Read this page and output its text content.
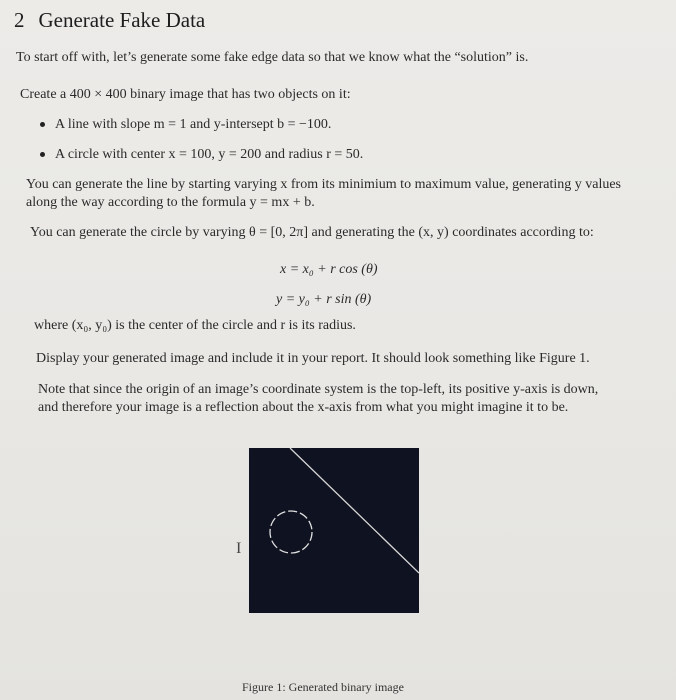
2 Generate Fake Data
To start off with, let’s generate some fake edge data so that we know what the “solution” is.
Create a 400 × 400 binary image that has two objects on it:
A line with slope m = 1 and y-intersept b = −100.
A circle with center x = 100, y = 200 and radius r = 50.
You can generate the line by starting varying x from its minimium to maximum value, generating y values along the way according to the formula y = mx + b.
You can generate the circle by varying θ = [0, 2π] and generating the (x, y) coordinates according to:
x = x₀ + r cos (θ)
y = y₀ + r sin (θ)
where (x₀, y₀) is the center of the circle and r is its radius.
Display your generated image and include it in your report. It should look something like Figure 1.
Note that since the origin of an image’s coordinate system is the top-left, its positive y-axis is down,
and therefore your image is a reflection about the x-axis from what you might imagine it to be.
I
Figure 1: Generated binary image
